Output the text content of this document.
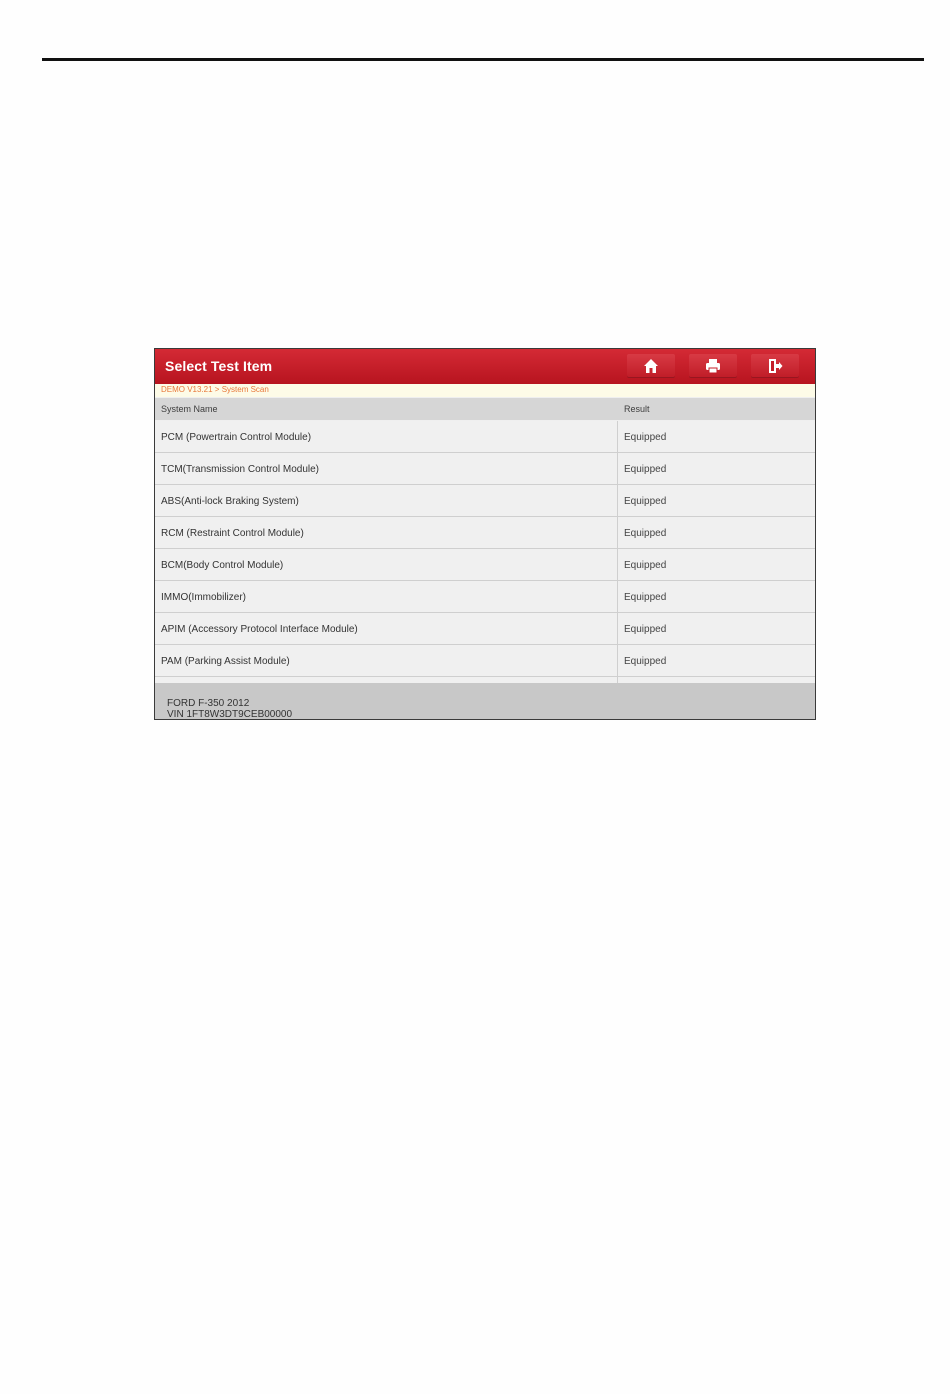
Select Test Item
DEMO V13.21 > System Scan
System Name	Result
PCM (Powertrain Control Module)	Equipped
TCM(Transmission Control Module)	Equipped
ABS(Anti-lock Braking System)	Equipped
RCM (Restraint Control Module)	Equipped
BCM(Body Control Module)	Equipped
IMMO(Immobilizer)	Equipped
APIM (Accessory Protocol Interface Module)	Equipped
PAM (Parking Assist Module)	Equipped
FORD F-350 2012
VIN 1FT8W3DT9CEB00000
